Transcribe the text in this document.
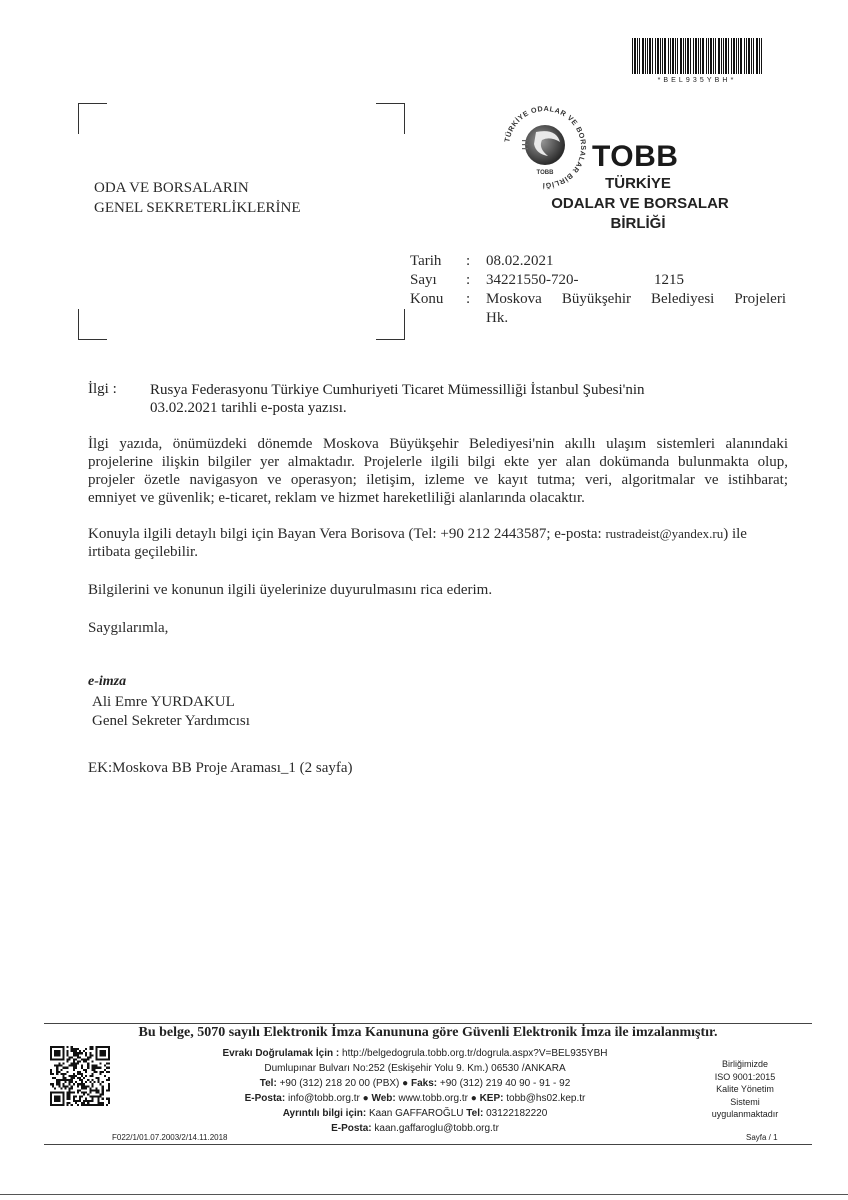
*BEL935YBH*
ODA VE BORSALARIN
GENEL SEKRETERLİKLERİNE
TÜRKİYE ODALAR VE BORSALAR BİRLİĞİ
TOBB TOBB
TÜRKİYE
ODALAR VE BORSALAR
BİRLİĞİ
Tarih : 08.02.2021
Sayı : 34221550-720-	1215
Konu : Moskova Büyükşehir Belediyesi Projeleri
Hk.
İlgi : Rusya Federasyonu Türkiye Cumhuriyeti Ticaret Mümessilliği İstanbul Şubesi'nin
03.02.2021 tarihli e-posta yazısı.
İlgi yazıda, önümüzdeki dönemde Moskova Büyükşehir Belediyesi'nin akıllı ulaşım sistemleri alanındaki
projelerine ilişkin bilgiler yer almaktadır. Projelerle ilgili bilgi ekte yer alan dokümanda bulunmakta olup,
projeler özetle navigasyon ve operasyon; iletişim, izleme ve kayıt tutma; veri, algoritmalar ve istihbarat;
emniyet ve güvenlik; e-ticaret, reklam ve hizmet hareketliliği alanlarında olacaktır.
Konuyla ilgili detaylı bilgi için Bayan Vera Borisova (Tel: +90 212 2443587; e-posta: rustradeist@yandex.ru) ile
irtibata geçilebilir.
Bilgilerini ve konunun ilgili üyelerinize duyurulmasını rica ederim.
Saygılarımla,
e-imza
Ali Emre YURDAKUL
Genel Sekreter Yardımcısı
EK:Moskova BB Proje Araması_1 (2 sayfa)
Bu belge, 5070 sayılı Elektronik İmza Kanununa göre Güvenli Elektronik İmza ile imzalanmıştır.
Evrakı Doğrulamak İçin : http://belgedogrula.tobb.org.tr/dogrula.aspx?V=BEL935YBH
Dumlupınar Bulvarı No:252 (Eskişehir Yolu 9. Km.) 06530 /ANKARA
Tel: +90 (312) 218 20 00 (PBX) ● Faks: +90 (312) 219 40 90 - 91 - 92
E-Posta: info@tobb.org.tr ● Web: www.tobb.org.tr ● KEP: tobb@hs02.kep.tr
Ayrıntılı bilgi için: Kaan GAFFAROĞLU Tel: 03122182220
E-Posta: kaan.gaffaroglu@tobb.org.tr
Birliğimizde
ISO 9001:2015
Kalite Yönetim
Sistemi
uygulanmaktadır
F022/1/01.07.2003/2/14.11.2018	Sayfa / 1
